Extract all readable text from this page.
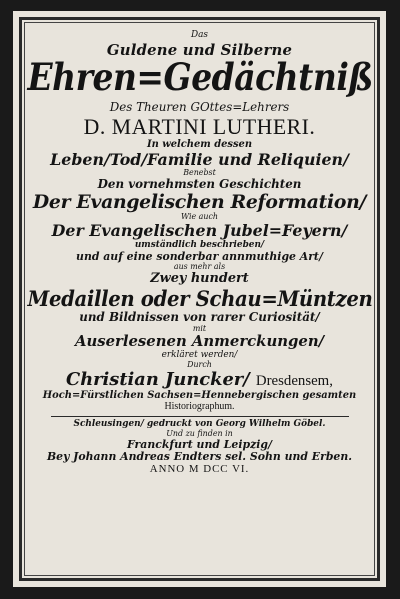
Das
Guldene und Silberne
Ehren=Gedächtniß
Des Theuren GOttes=Lehrers
D. MARTINI LUTHERI.
In welchem dessen
Leben/Tod/Familie und Reliquien/
Benebst
Den vornehmsten Geschichten
Der Evangelischen Reformation/
Wie auch
Der Evangelischen Jubel=Feyern/
umständlich beschrieben/
und auf eine sonderbar annmuthige Art/
aus mehr als
Zwey hundert
Medaillen oder Schau=Müntzen
und Bildnissen von rarer Curiosität/
mit
Auserlesenen Anmerckungen/
erkläret werden/
Durch
Christian Juncker/ Dresdensem,
Hoch=Fürstlichen Sachsen=Hennebergischen gesamten
Historiographum.
Schleusingen/ gedruckt von Georg Wilhelm Göbel.
Und zu finden in
Franckfurt und Leipzig/
Bey Johann Andreas Endters sel. Sohn und Erben.
ANNO M DCC VI.
